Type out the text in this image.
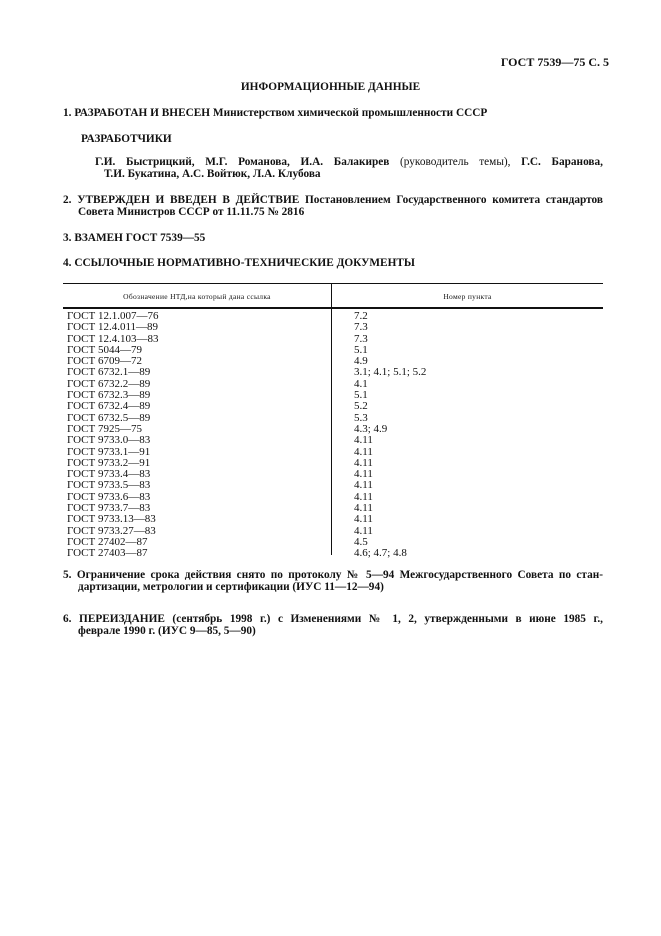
ГОСТ 7539—75 С. 5
ИНФОРМАЦИОННЫЕ ДАННЫЕ
1. РАЗРАБОТАН И ВНЕСЕН Министерством химической промышленности СССР
РАЗРАБОТЧИКИ
Г.И. Быстрицкий, М.Г. Романова, И.А. Балакирев (руководитель темы), Г.С. Баранова,
Т.И. Букатина, А.С. Войтюк, Л.А. Клубова
2. УТВЕРЖДЕН И ВВЕДЕН В ДЕЙСТВИЕ Постановлением Государственного комитета стандартов
Совета Министров СССР от 11.11.75 № 2816
3. ВЗАМЕН ГОСТ 7539—55
4. ССЫЛОЧНЫЕ НОРМАТИВНО-ТЕХНИЧЕСКИЕ ДОКУМЕНТЫ
Обозначение НТД,на который дана ссылка	Номер пункта
ГОСТ 12.1.007—76	7.2
ГОСТ 12.4.011—89	7.3
ГОСТ 12.4.103—83	7.3
ГОСТ 5044—79	5.1
ГОСТ 6709—72	4.9
ГОСТ 6732.1—89	3.1; 4.1; 5.1; 5.2
ГОСТ 6732.2—89	4.1
ГОСТ 6732.3—89	5.1
ГОСТ 6732.4—89	5.2
ГОСТ 6732.5—89	5.3
ГОСТ 7925—75	4.3; 4.9
ГОСТ 9733.0—83	4.11
ГОСТ 9733.1—91	4.11
ГОСТ 9733.2—91	4.11
ГОСТ 9733.4—83	4.11
ГОСТ 9733.5—83	4.11
ГОСТ 9733.6—83	4.11
ГОСТ 9733.7—83	4.11
ГОСТ 9733.13—83	4.11
ГОСТ 9733.27—83	4.11
ГОСТ 27402—87	4.5
ГОСТ 27403—87	4.6; 4.7; 4.8
5. Ограничение срока действия снято по протоколу № 5—94 Межгосударственного Совета по стан-
дартизации, метрологии и сертификации (ИУС 11—12—94)
6. ПЕРЕИЗДАНИЕ (сентябрь 1998 г.) с Изменениями № 1, 2, утвержденными в июне 1985 г.,
феврале 1990 г. (ИУС 9—85, 5—90)
